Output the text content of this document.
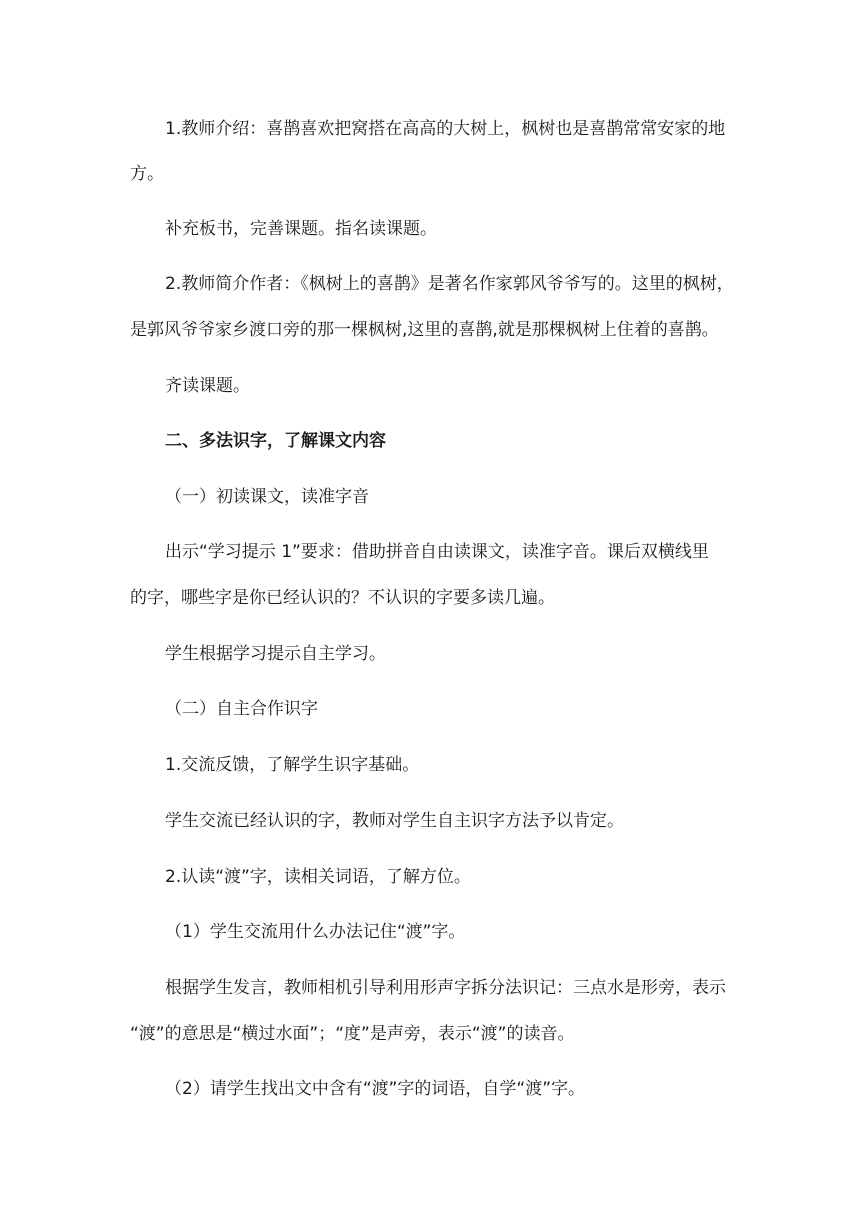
1.教师介绍：喜鹊喜欢把窝搭在高高的大树上，枫树也是喜鹊常常安家的地
方。
补充板书，完善课题。指名读课题。
2.教师简介作者：《枫树上的喜鹊》是著名作家郭风爷爷写的。这里的枫树，
是郭风爷爷家乡渡口旁的那一棵枫树,这里的喜鹊,就是那棵枫树上住着的喜鹊。
齐读课题。
二、多法识字，了解课文内容
（一）初读课文，读准字音
出示“学习提示 1”要求：借助拼音自由读课文，读准字音。课后双横线里
的字，哪些字是你已经认识的？不认识的字要多读几遍。
学生根据学习提示自主学习。
（二）自主合作识字
1.交流反馈，了解学生识字基础。
学生交流已经认识的字，教师对学生自主识字方法予以肯定。
2.认读“渡”字，读相关词语，了解方位。
（1）学生交流用什么办法记住“渡”字。
根据学生发言，教师相机引导利用形声字拆分法识记：三点水是形旁，表示
“渡”的意思是“横过水面”；“度”是声旁，表示“渡”的读音。
（2）请学生找出文中含有“渡”字的词语，自学“渡”字。
